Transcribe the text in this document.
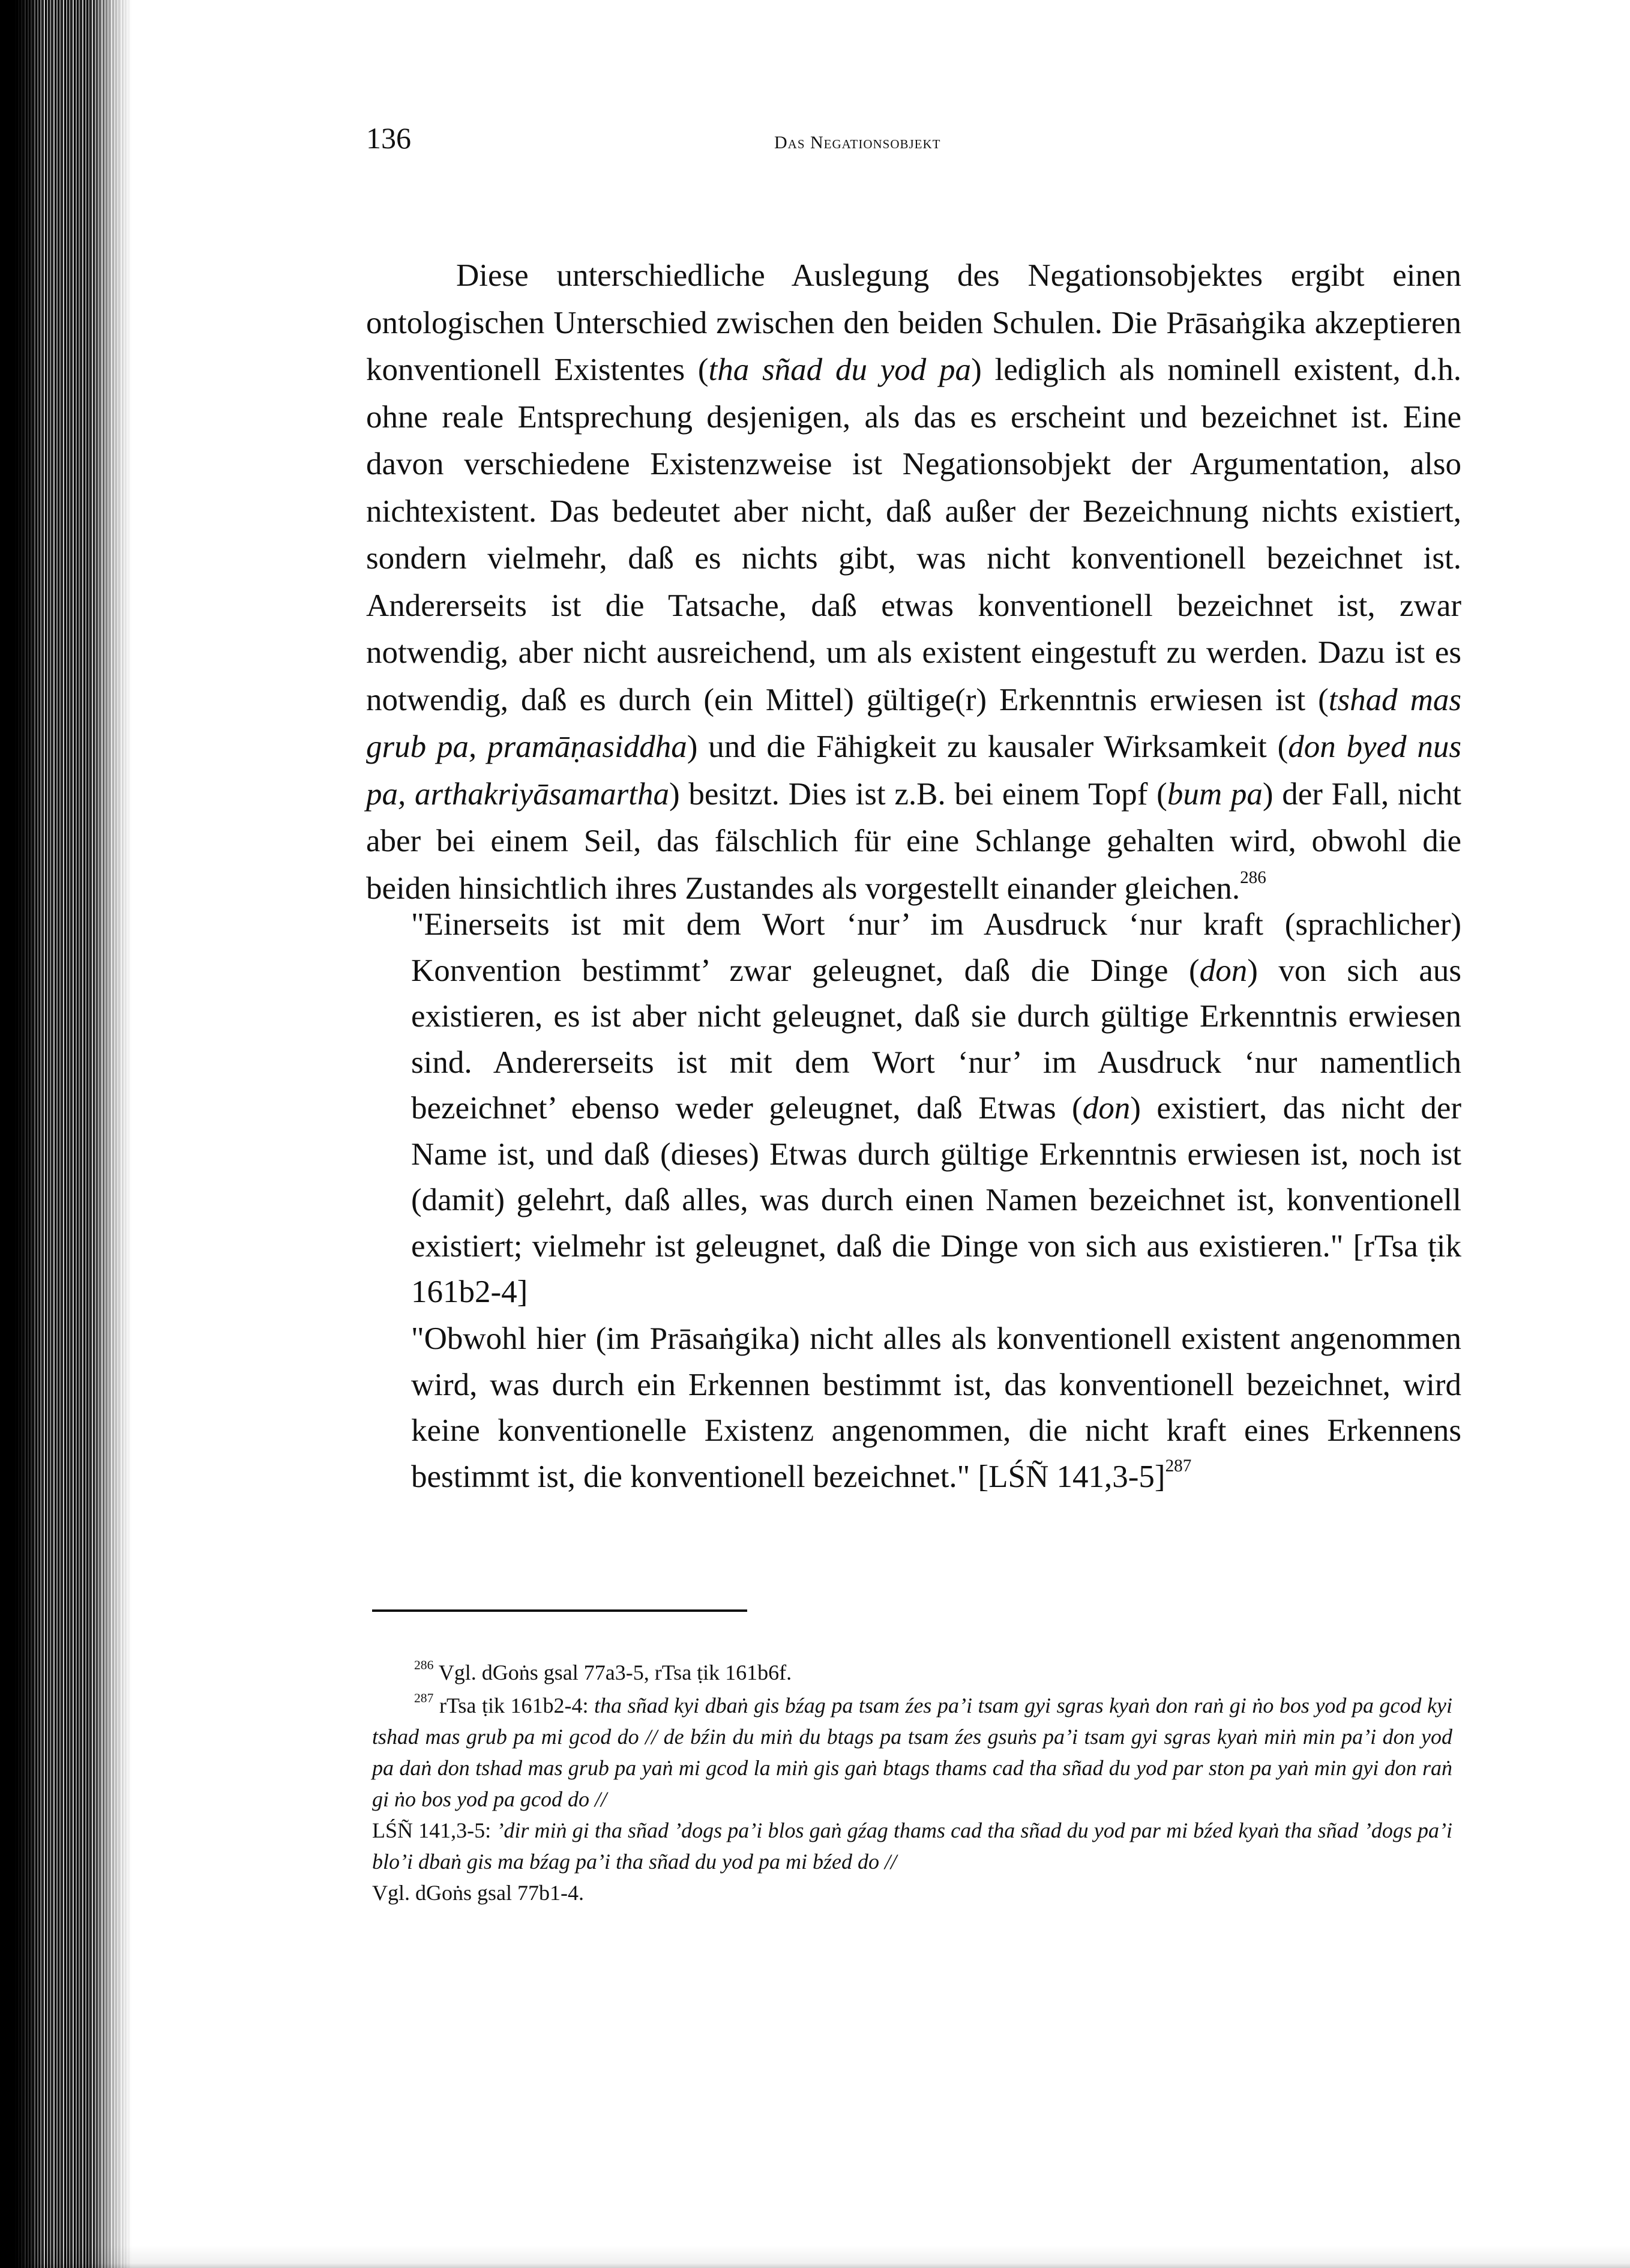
136	Das Negationsobjekt

Diese unterschiedliche Auslegung des Negationsobjektes ergibt einen ontologischen Unterschied zwischen den beiden Schulen. Die Prāsaṅgika akzeptieren konventionell Existentes (tha sñad du yod pa) lediglich als nominell existent, d.h. ohne reale Entsprechung desjenigen, als das es erscheint und bezeichnet ist. Eine davon verschiedene Existenzweise ist Negationsobjekt der Argumentation, also nichtexistent. Das bedeutet aber nicht, daß außer der Bezeichnung nichts existiert, sondern vielmehr, daß es nichts gibt, was nicht konventionell bezeichnet ist. Andererseits ist die Tatsache, daß etwas konventionell bezeichnet ist, zwar notwendig, aber nicht ausreichend, um als existent eingestuft zu werden. Dazu ist es notwendig, daß es durch (ein Mittel) gültige(r) Erkenntnis erwiesen ist (tshad mas grub pa, pramāṇasiddha) und die Fähigkeit zu kausaler Wirksamkeit (don byed nus pa, arthakriyāsamartha) besitzt. Dies ist z.B. bei einem Topf (bum pa) der Fall, nicht aber bei einem Seil, das fälschlich für eine Schlange gehalten wird, obwohl die beiden hinsichtlich ihres Zustandes als vorgestellt einander gleichen.$^{286}$

"Einerseits ist mit dem Wort ‘nur’ im Ausdruck ‘nur kraft (sprachlicher) Konvention bestimmt’ zwar geleugnet, daß die Dinge (don) von sich aus existieren, es ist aber nicht geleugnet, daß sie durch gültige Erkenntnis erwiesen sind. Andererseits ist mit dem Wort ‘nur’ im Ausdruck ‘nur namentlich bezeichnet’ ebenso weder geleugnet, daß Etwas (don) existiert, das nicht der Name ist, und daß (dieses) Etwas durch gültige Erkenntnis erwiesen ist, noch ist (damit) gelehrt, daß alles, was durch einen Namen bezeichnet ist, konventionell existiert; vielmehr ist geleugnet, daß die Dinge von sich aus existieren." [rTsa ṭik 161b2-4]

"Obwohl hier (im Prāsaṅgika) nicht alles als konventionell existent angenommen wird, was durch ein Erkennen bestimmt ist, das konventionell bezeichnet, wird keine konventionelle Existenz angenommen, die nicht kraft eines Erkennens bestimmt ist, die konventionell bezeichnet." [LŚÑ 141,3-5]$^{287}$

$^{286}$ Vgl. dGoṅs gsal 77a3-5, rTsa ṭik 161b6f.

$^{287}$ rTsa ṭik 161b2-4: tha sñad kyi dbaṅ gis bźag pa tsam źes pa’i tsam gyi sgras kyaṅ don raṅ gi ṅo bos yod pa gcod kyi tshad mas grub pa mi gcod do // de bźin du miṅ du btags pa tsam źes gsuṅs pa’i tsam gyi sgras kyaṅ miṅ min pa’i don yod pa daṅ don tshad mas grub pa yaṅ mi gcod la miṅ gis gaṅ btags thams cad tha sñad du yod par ston pa yaṅ min gyi don raṅ gi ṅo bos yod pa gcod do //
LŚÑ 141,3-5: ’dir miṅ gi tha sñad ’dogs pa’i blos gaṅ gźag thams cad tha sñad du yod par mi bźed kyaṅ tha sñad ’dogs pa’i blo’i dbaṅ gis ma bźag pa’i tha sñad du yod pa mi bźed do //
Vgl. dGoṅs gsal 77b1-4.
